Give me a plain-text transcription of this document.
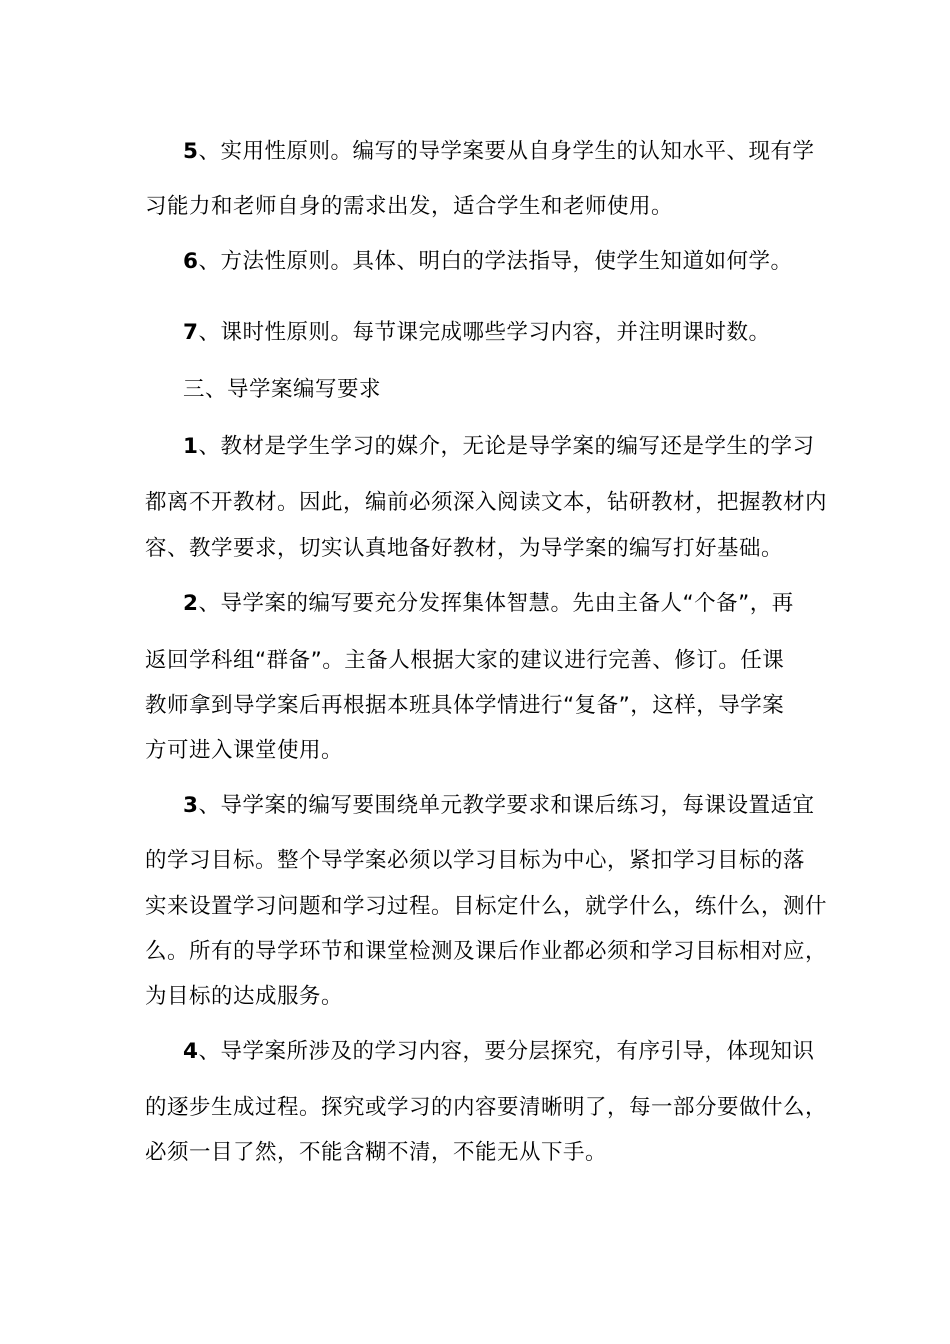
5、实用性原则。编写的导学案要从自身学生的认知水平、现有学
习能力和老师自身的需求出发，适合学生和老师使用。
6、方法性原则。具体、明白的学法指导，使学生知道如何学。
7、课时性原则。每节课完成哪些学习内容，并注明课时数。
三、导学案编写要求
1、教材是学生学习的媒介，无论是导学案的编写还是学生的学习
都离不开教材。因此，编前必须深入阅读文本，钻研教材，把握教材内
容、教学要求，切实认真地备好教材，为导学案的编写打好基础。
2、导学案的编写要充分发挥集体智慧。先由主备人“个备”，再
返回学科组“群备”。主备人根据大家的建议进行完善、修订。任课
教师拿到导学案后再根据本班具体学情进行“复备”，这样，导学案
方可进入课堂使用。
3、导学案的编写要围绕单元教学要求和课后练习，每课设置适宜
的学习目标。整个导学案必须以学习目标为中心，紧扣学习目标的落
实来设置学习问题和学习过程。目标定什么，就学什么，练什么，测什
么。所有的导学环节和课堂检测及课后作业都必须和学习目标相对应，
为目标的达成服务。
4、导学案所涉及的学习内容，要分层探究，有序引导，体现知识
的逐步生成过程。探究或学习的内容要清晰明了，每一部分要做什么，
必须一目了然，不能含糊不清，不能无从下手。
